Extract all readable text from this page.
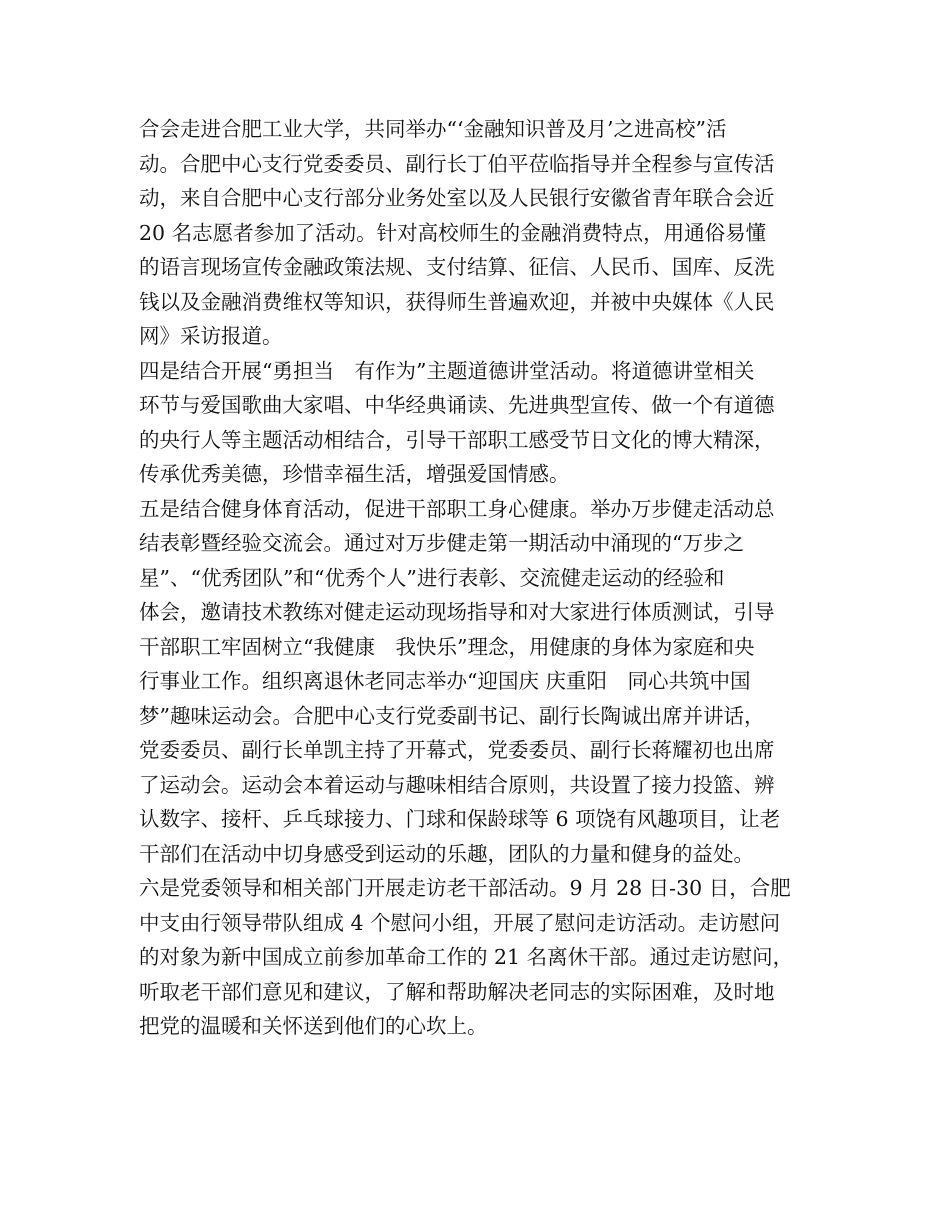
合会走进合肥工业大学，共同举办“‘金融知识普及月’之进高校”活
动。合肥中心支行党委委员、副行长丁伯平莅临指导并全程参与宣传活
动，来自合肥中心支行部分业务处室以及人民银行安徽省青年联合会近
20 名志愿者参加了活动。针对高校师生的金融消费特点，用通俗易懂
的语言现场宣传金融政策法规、支付结算、征信、人民币、国库、反洗
钱以及金融消费维权等知识，获得师生普遍欢迎，并被中央媒体《人民
网》采访报道。
四是结合开展“勇担当　有作为”主题道德讲堂活动。将道德讲堂相关
环节与爱国歌曲大家唱、中华经典诵读、先进典型宣传、做一个有道德
的央行人等主题活动相结合，引导干部职工感受节日文化的博大精深，
传承优秀美德，珍惜幸福生活，增强爱国情感。
五是结合健身体育活动，促进干部职工身心健康。举办万步健走活动总
结表彰暨经验交流会。通过对万步健走第一期活动中涌现的“万步之
星”、“优秀团队”和“优秀个人”进行表彰、交流健走运动的经验和
体会，邀请技术教练对健走运动现场指导和对大家进行体质测试，引导
干部职工牢固树立“我健康　我快乐”理念，用健康的身体为家庭和央
行事业工作。组织离退休老同志举办“迎国庆 庆重阳　同心共筑中国
梦”趣味运动会。合肥中心支行党委副书记、副行长陶诚出席并讲话，
党委委员、副行长单凯主持了开幕式，党委委员、副行长蒋耀初也出席
了运动会。运动会本着运动与趣味相结合原则，共设置了接力投篮、辨
认数字、接杆、乒乓球接力、门球和保龄球等 6 项饶有风趣项目，让老
干部们在活动中切身感受到运动的乐趣，团队的力量和健身的益处。
六是党委领导和相关部门开展走访老干部活动。9 月 28 日-30 日，合肥
中支由行领导带队组成 4 个慰问小组，开展了慰问走访活动。走访慰问
的对象为新中国成立前参加革命工作的 21 名离休干部。通过走访慰问，
听取老干部们意见和建议，了解和帮助解决老同志的实际困难，及时地
把党的温暖和关怀送到他们的心坎上。
